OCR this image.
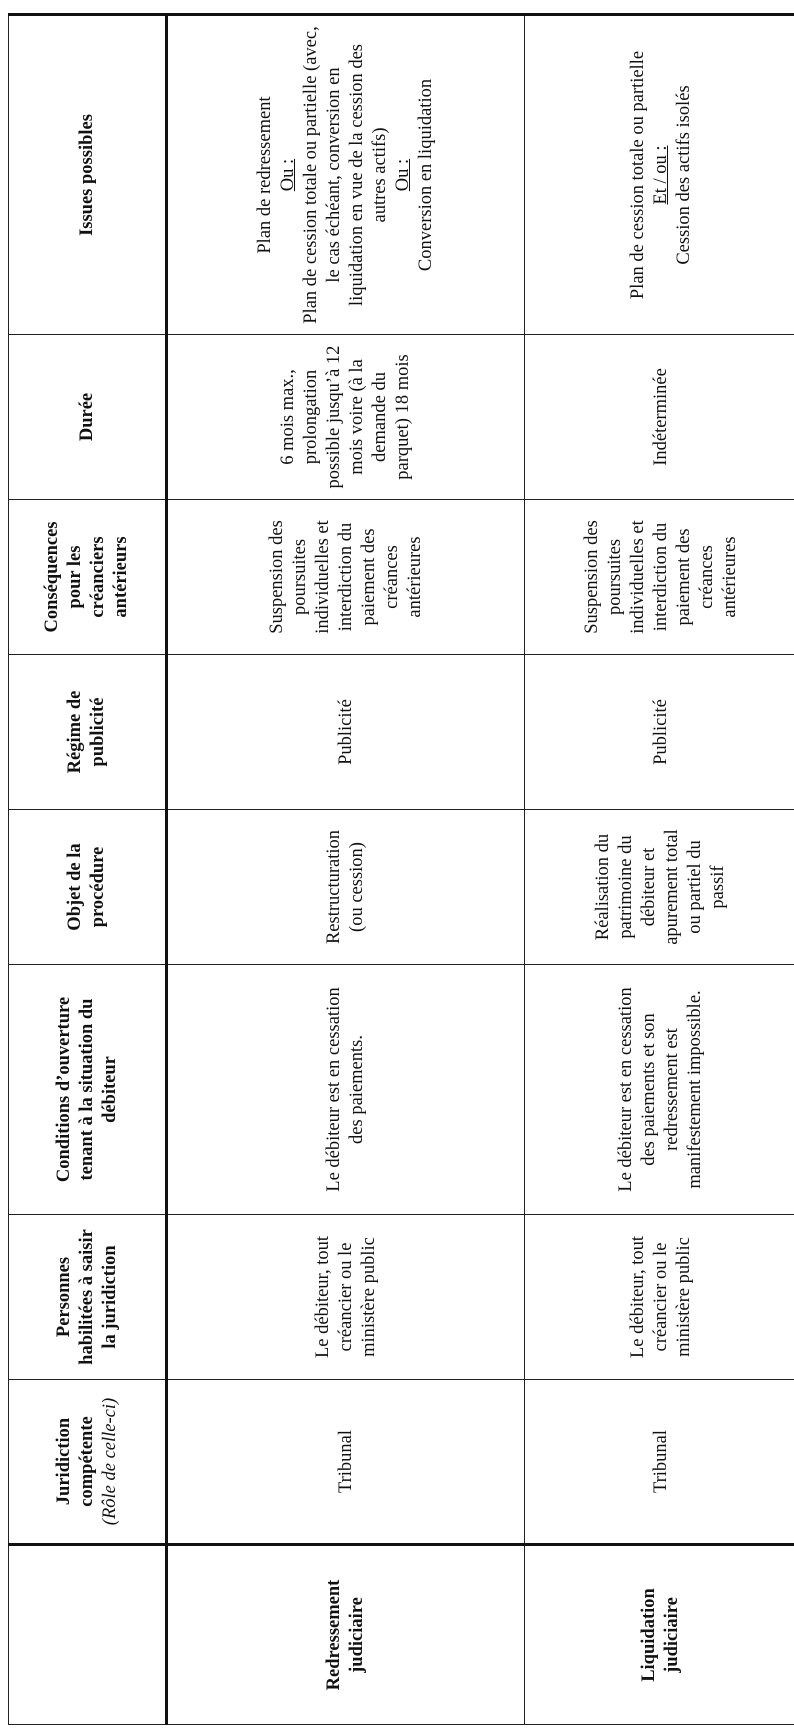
	Juridiction compétente (Rôle de celle-ci)	Personnes habilitées à saisir la juridiction	Conditions d’ouverture tenant à la situation du débiteur	Objet de la procédure	Régime de publicité	Conséquences pour les créanciers antérieurs	Durée	Issues possibles
Redressement judiciaire	Tribunal	Le débiteur, tout créancier ou le ministère public	Le débiteur est en cessation des paiements.	Restructuration (ou cession)	Publicité	Suspension des poursuites individuelles et interdiction du paiement des créances antérieures	6 mois max., prolongation possible jusqu’à 12 mois voire (à la demande du parquet) 18 mois	Plan de redressement Ou : Plan de cession totale ou partielle (avec, le cas échéant, conversion en liquidation en vue de la cession des autres actifs) Ou : Conversion en liquidation

Liquidation judiciaire	Tribunal	Le débiteur, tout créancier ou le ministère public	Le débiteur est en cessation des paiements et son redressement est manifestement impossible.	Réalisation du patrimoine du débiteur et apurement total ou partiel du passif	Publicité	Suspension des poursuites individuelles et interdiction du paiement des créances antérieures	Indéterminée	Plan de cession totale ou partielle Et / ou : Cession des actifs isolés
